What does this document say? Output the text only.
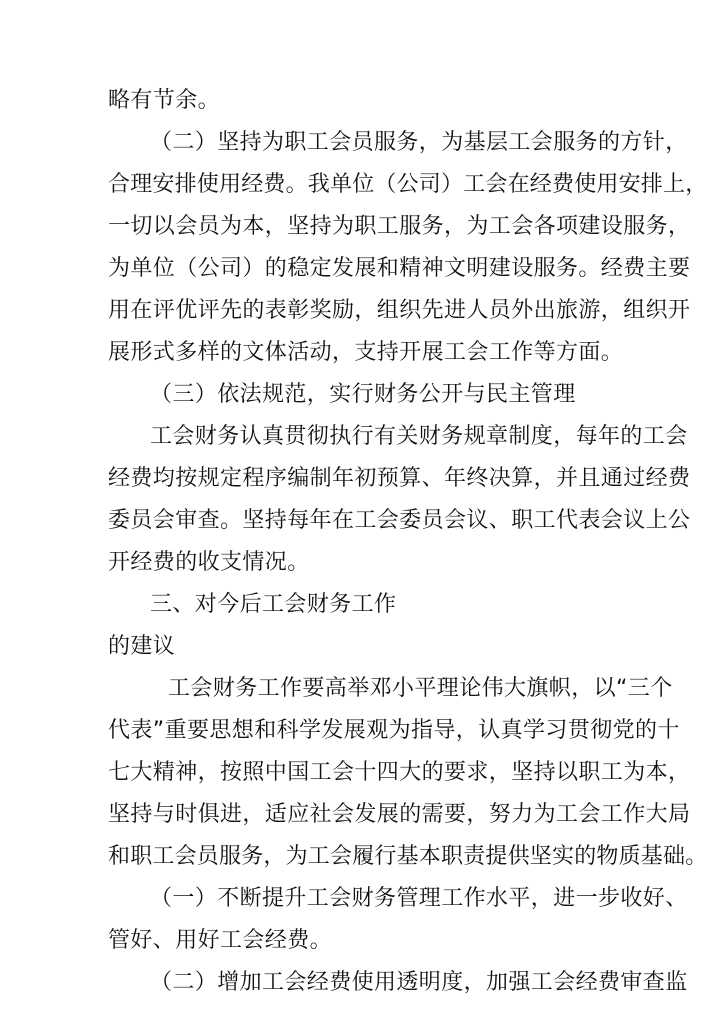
略有节余。
（二）坚持为职工会员服务，为基层工会服务的方针，
合理安排使用经费。我单位（公司）工会在经费使用安排上，
一切以会员为本，坚持为职工服务，为工会各项建设服务，
为单位（公司）的稳定发展和精神文明建设服务。经费主要
用在评优评先的表彰奖励，组织先进人员外出旅游，组织开
展形式多样的文体活动，支持开展工会工作等方面。
（三）依法规范，实行财务公开与民主管理
工会财务认真贯彻执行有关财务规章制度，每年的工会
经费均按规定程序编制年初预算、年终决算，并且通过经费
委员会审查。坚持每年在工会委员会议、职工代表会议上公
开经费的收支情况。
三、对今后工会财务工作
的建议
工会财务工作要高举邓小平理论伟大旗帜，以“三个
代表”重要思想和科学发展观为指导，认真学习贯彻党的十
七大精神，按照中国工会十四大的要求，坚持以职工为本，
坚持与时俱进，适应社会发展的需要，努力为工会工作大局
和职工会员服务，为工会履行基本职责提供坚实的物质基础。
（一）不断提升工会财务管理工作水平，进一步收好、
管好、用好工会经费。
（二）增加工会经费使用透明度，加强工会经费审查监
